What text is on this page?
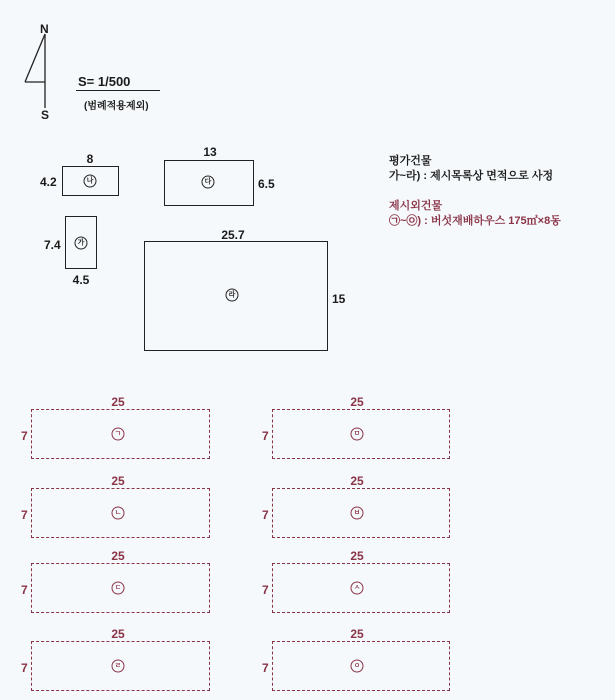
N
S
S= 1/500
(범례적용제외)
평가건물
가~라) : 제시목록상 면적으로 사정
제시외건물
㉠~㉧) : 버섯재배하우스 175㎡×8동
나
8
4.2	다
13
6.5
가
7.4
4.5
라
25.7
15
ㄱ
25
7
ㄴ
25
7
ㄷ
25
7
ㄹ
25
7
ㅁ
25
7
ㅂ
25
7
ㅅ
25
7
ㅇ
25
7
